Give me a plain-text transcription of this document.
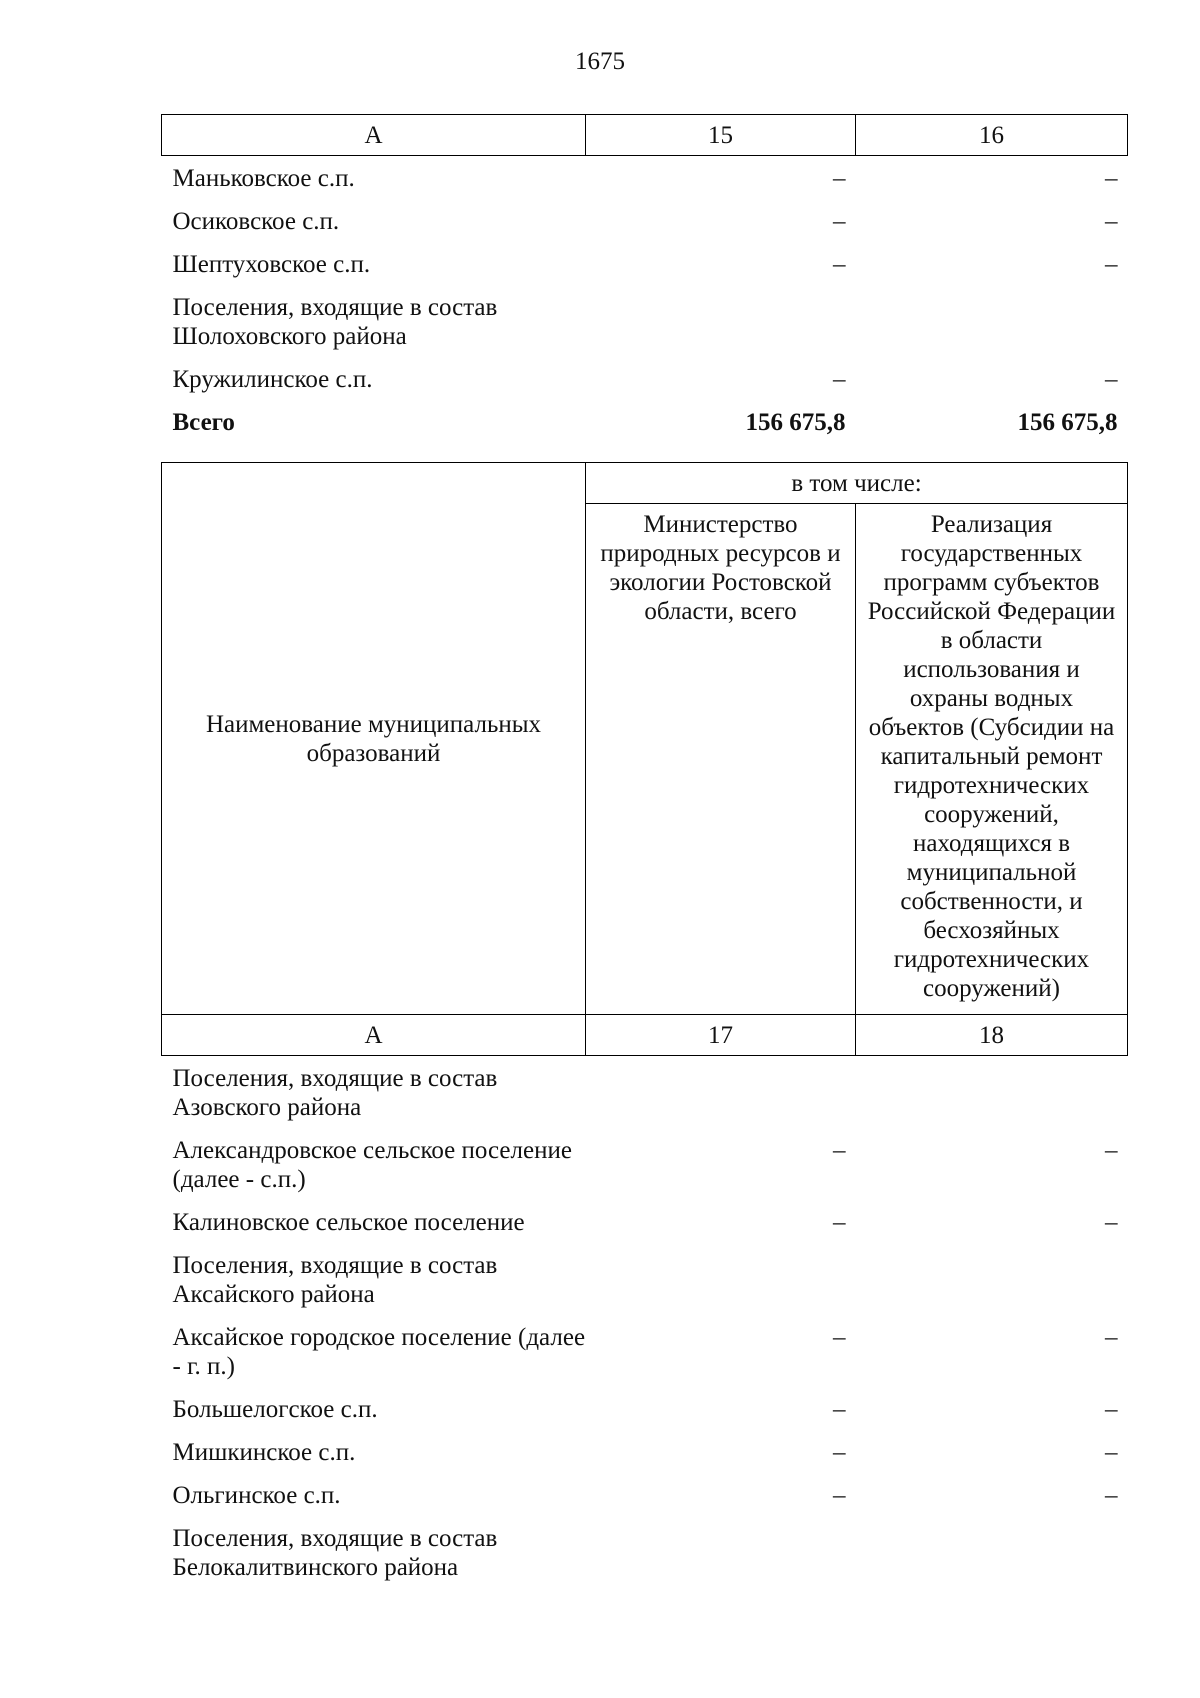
1675
А	15	16
Маньковское с.п.	–	–
Осиковское с.п.	–	–
Шептуховское с.п.	–	–
Поселения, входящие в состав Шолоховского района		
Кружилинское с.п.	–	–
Всего	156 675,8	156 675,8
Наименование муниципальных образований	в том числе:	
	Министерство природных ресурсов и экологии Ростовской области, всего	Реализация государственных программ субъектов Российской Федерации в области использования и охраны водных объектов (Субсидии на капитальный ремонт гидротехнических сооружений, находящихся в муниципальной собственности, и бесхозяйных гидротехнических сооружений)
А	17	18
Поселения, входящие в состав Азовского района		
Александровское сельское поселение (далее - с.п.)	–	–
Калиновское сельское поселение	–	–
Поселения, входящие в состав Аксайского района		
Аксайское городское поселение (далее - г. п.)	–	–
Большелогское с.п.	–	–
Мишкинское с.п.	–	–
Ольгинское с.п.	–	–
Поселения, входящие в состав Белокалитвинского района		
